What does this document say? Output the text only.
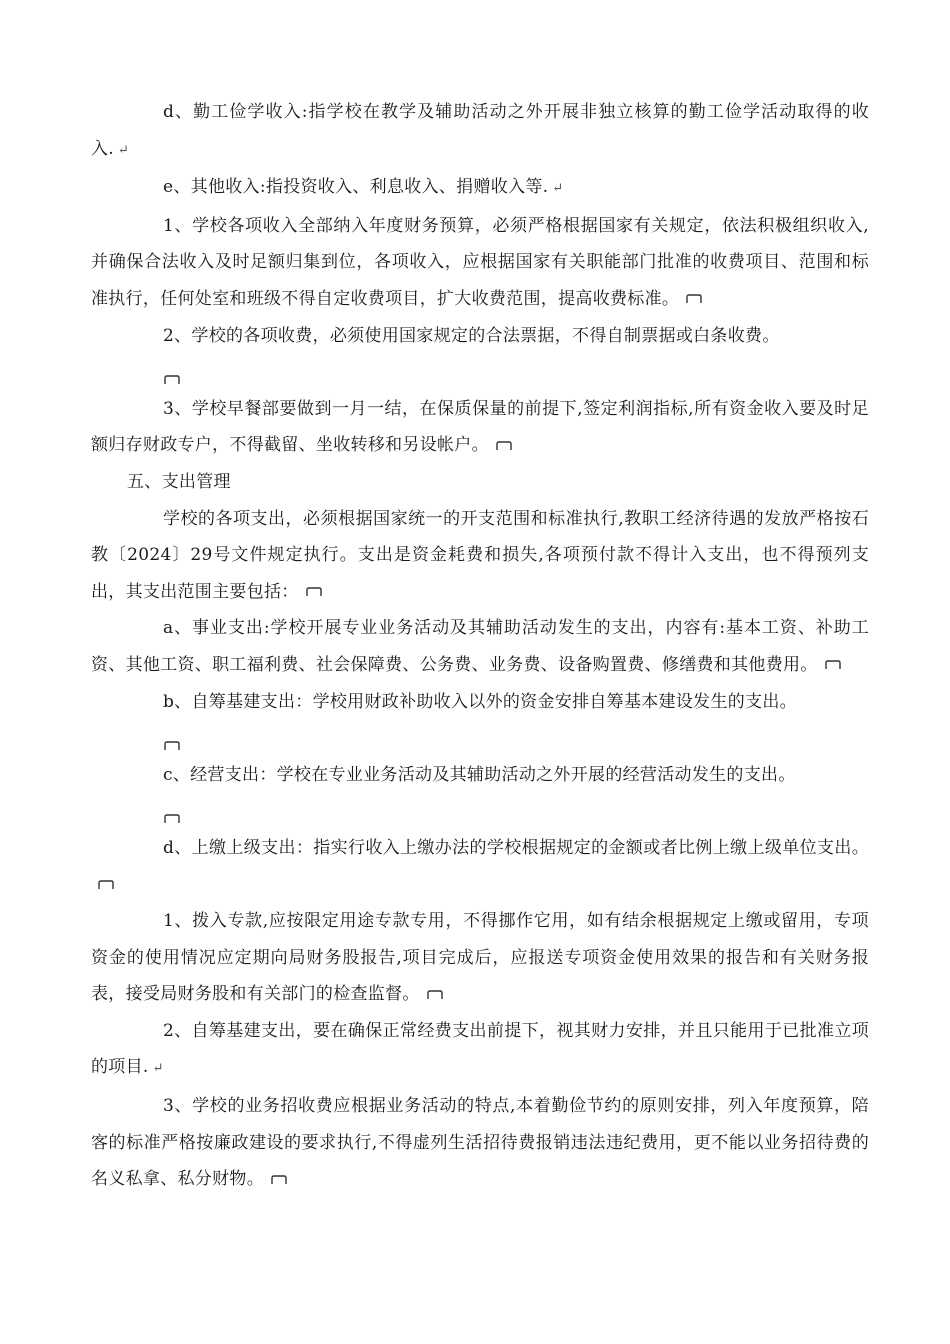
d、勤工俭学收入:指学校在教学及辅助活动之外开展非独立核算的勤工俭学活动取得的收入. ↵

e、其他收入:指投资收入、利息收入、捐赠收入等. ↵

1、学校各项收入全部纳入年度财务预算，必须严格根据国家有关规定，依法积极组织收入,并确保合法收入及时足额归集到位，各项收入，应根据国家有关职能部门批准的收费项目、范围和标准执行，任何处室和班级不得自定收费项目，扩大收费范围，提高收费标准。

2、学校的各项收费，必须使用国家规定的合法票据，不得自制票据或白条收费。

3、学校早餐部要做到一月一结，在保质保量的前提下,签定利润指标,所有资金收入要及时足额归存财政专户，不得截留、坐收转移和另设帐户。

五、支出管理

学校的各项支出，必须根据国家统一的开支范围和标准执行,教职工经济待遇的发放严格按石教〔2024〕29号文件规定执行。支出是资金耗费和损失,各项预付款不得计入支出，也不得预列支出，其支出范围主要包括：

a、事业支出:学校开展专业业务活动及其辅助活动发生的支出，内容有:基本工资、补助工资、其他工资、职工福利费、社会保障费、公务费、业务费、设备购置费、修缮费和其他费用。

b、自筹基建支出：学校用财政补助收入以外的资金安排自筹基本建设发生的支出。

c、经营支出：学校在专业业务活动及其辅助活动之外开展的经营活动发生的支出。

d、上缴上级支出：指实行收入上缴办法的学校根据规定的金额或者比例上缴上级单位支出。

1、拨入专款,应按限定用途专款专用，不得挪作它用，如有结余根据规定上缴或留用，专项资金的使用情况应定期向局财务股报告,项目完成后，应报送专项资金使用效果的报告和有关财务报表，接受局财务股和有关部门的检查监督。

2、自筹基建支出，要在确保正常经费支出前提下，视其财力安排，并且只能用于已批准立项的项目. ↵

3、学校的业务招收费应根据业务活动的特点,本着勤俭节约的原则安排，列入年度预算，陪客的标准严格按廉政建设的要求执行,不得虚列生活招待费报销违法违纪费用，更不能以业务招待费的名义私拿、私分财物。
